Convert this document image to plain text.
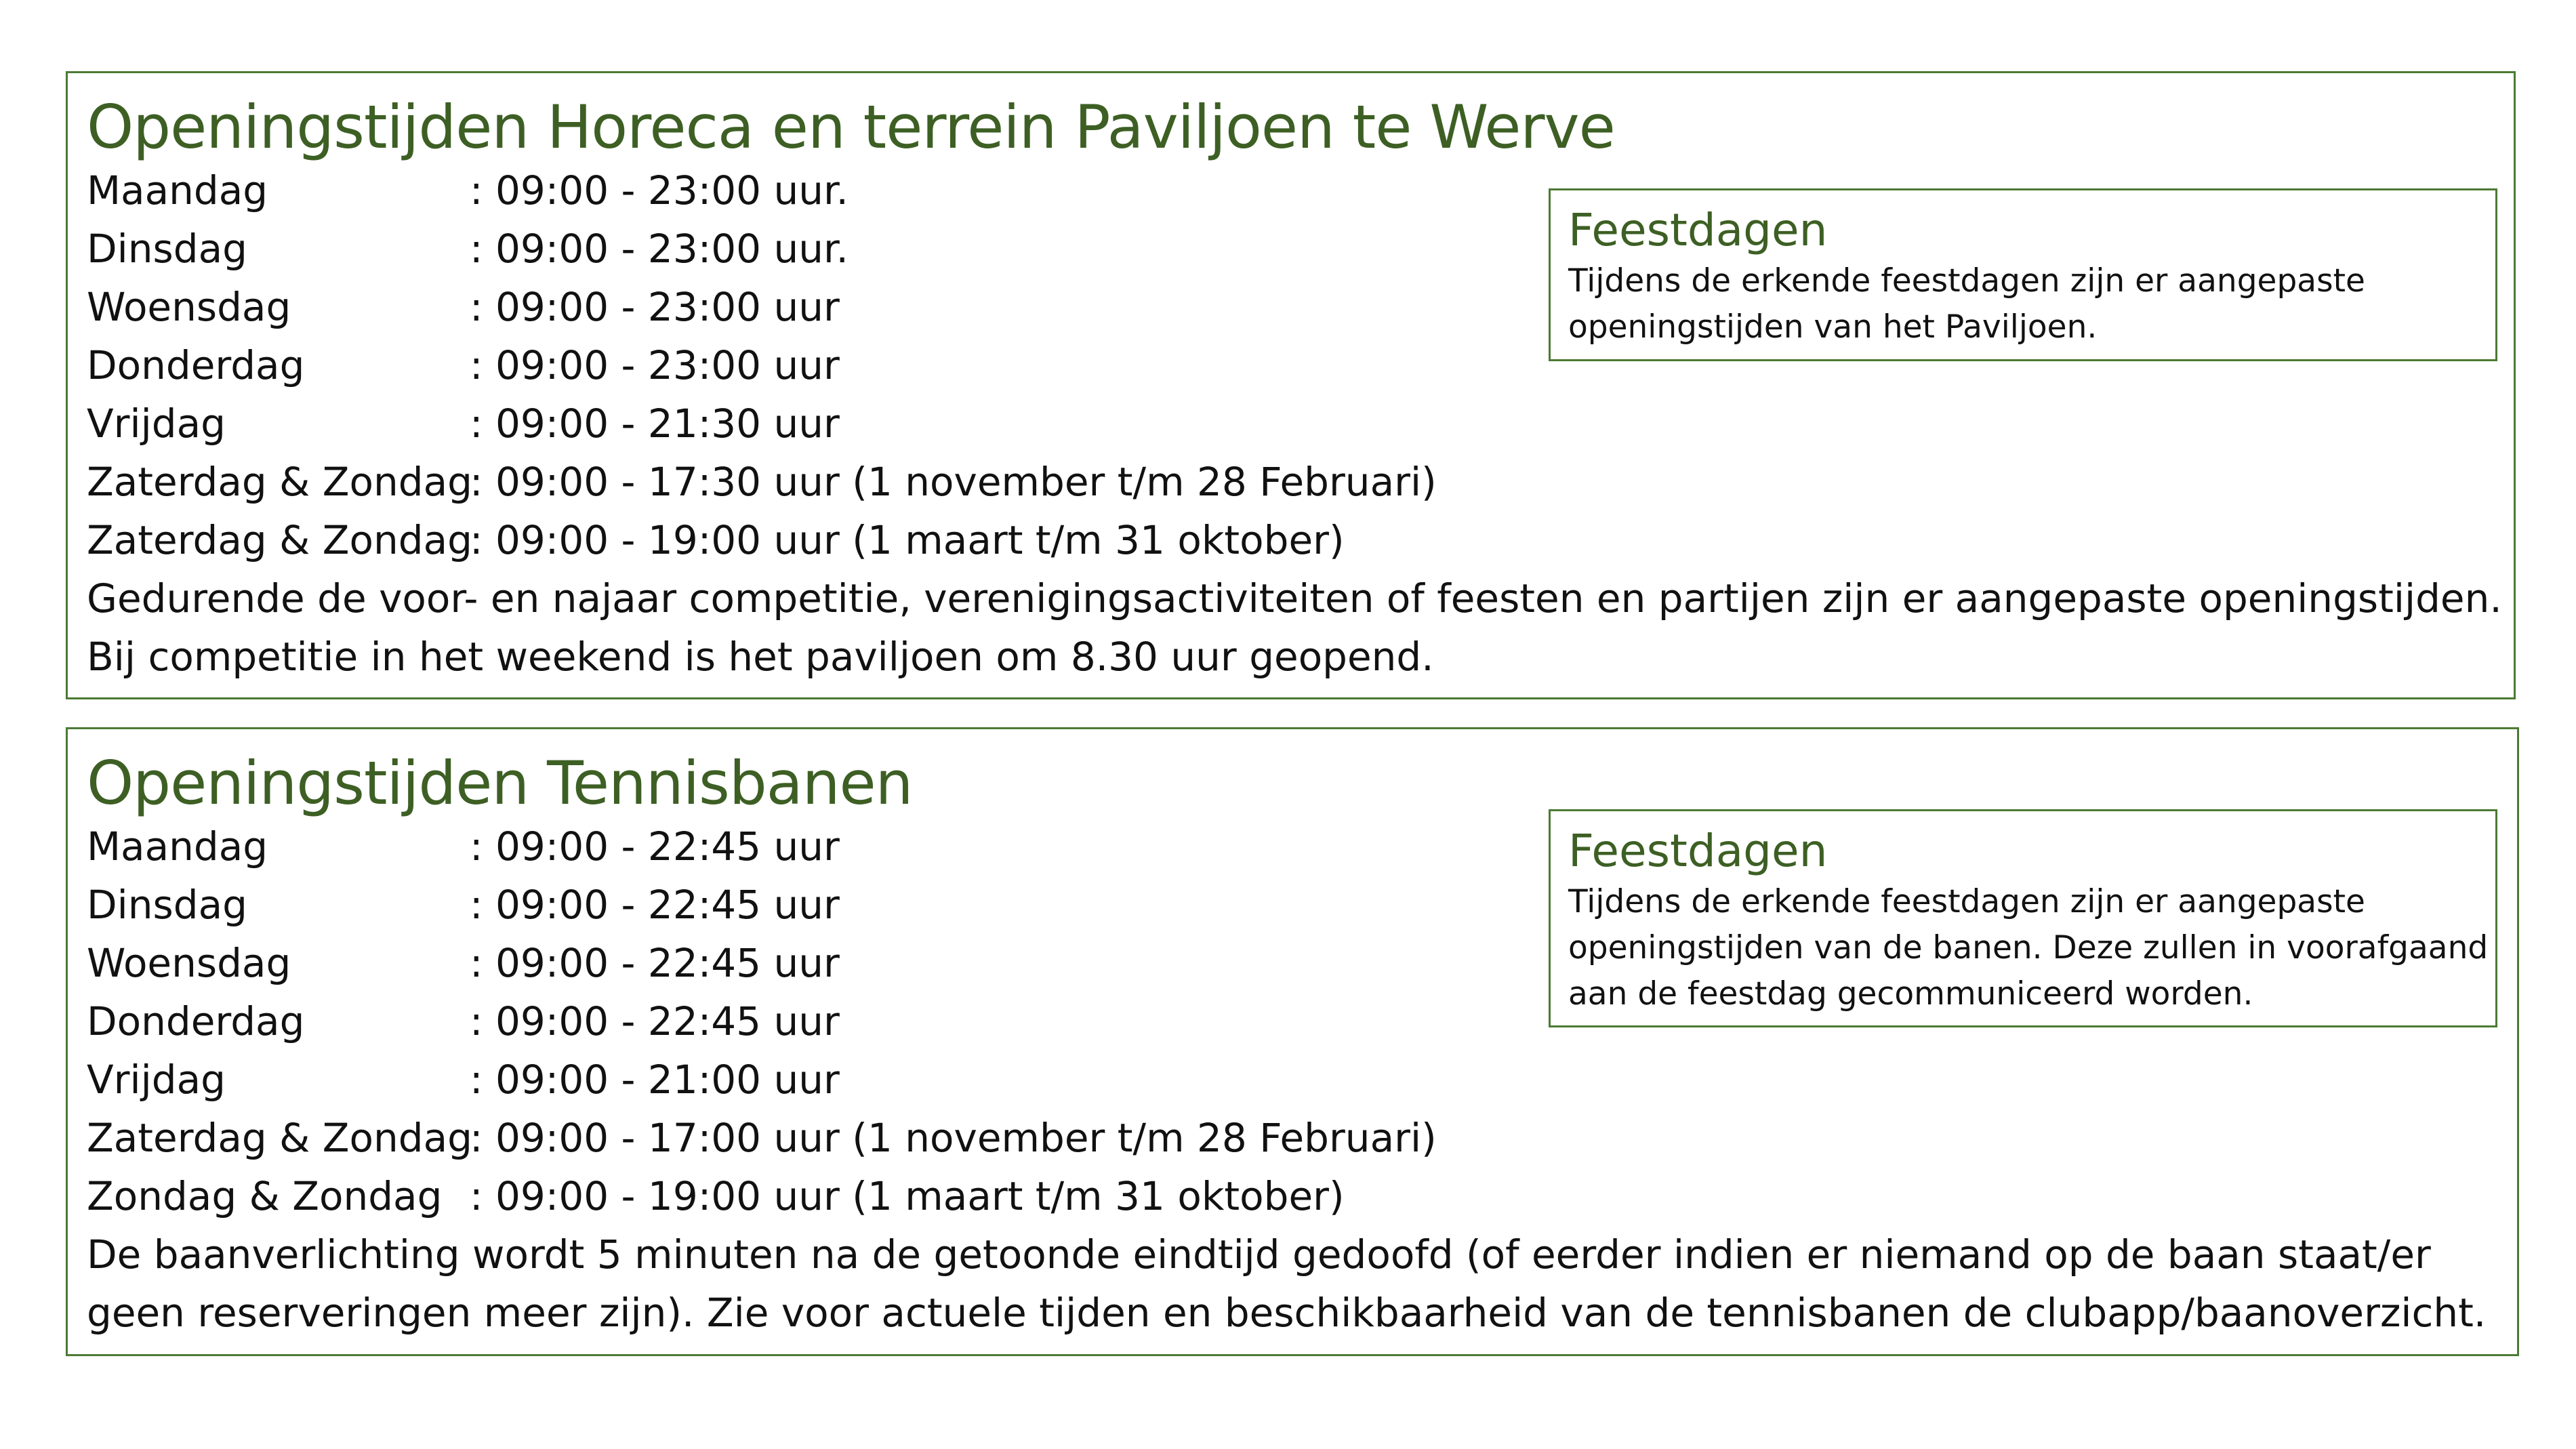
Openingstijden Horeca en terrein Paviljoen te Werve
Maandag	: 09:00 - 23:00 uur.
Dinsdag	: 09:00 - 23:00 uur.
Woensdag	: 09:00 - 23:00 uur
Donderdag	: 09:00 - 23:00 uur
Vrijdag	: 09:00 - 21:30 uur
Zaterdag & Zondag: 09:00 - 17:30 uur (1 november t/m 28 Februari)
Zaterdag & Zondag: 09:00 - 19:00 uur (1 maart t/m 31 oktober)
Gedurende de voor- en najaar competitie, verenigingsactiviteiten of feesten en partijen zijn er aangepaste openingstijden.
Bij competitie in het weekend is het paviljoen om 8.30 uur geopend.
Feestdagen
Tijdens de erkende feestdagen zijn er aangepaste
openingstijden van het Paviljoen.
Openingstijden Tennisbanen
Maandag	: 09:00 - 22:45 uur
Dinsdag	: 09:00 - 22:45 uur
Woensdag	: 09:00 - 22:45 uur
Donderdag	: 09:00 - 22:45 uur
Vrijdag	: 09:00 - 21:00 uur
Zaterdag & Zondag: 09:00 - 17:00 uur (1 november t/m 28 Februari)
Zondag & Zondag : 09:00 - 19:00 uur (1 maart t/m 31 oktober)
De baanverlichting wordt 5 minuten na de getoonde eindtijd gedoofd (of eerder indien er niemand op de baan staat/er
geen reserveringen meer zijn). Zie voor actuele tijden en beschikbaarheid van de tennisbanen de clubapp/baanoverzicht.
Feestdagen
Tijdens de erkende feestdagen zijn er aangepaste
openingstijden van de banen. Deze zullen in voorafgaand
aan de feestdag gecommuniceerd worden.
